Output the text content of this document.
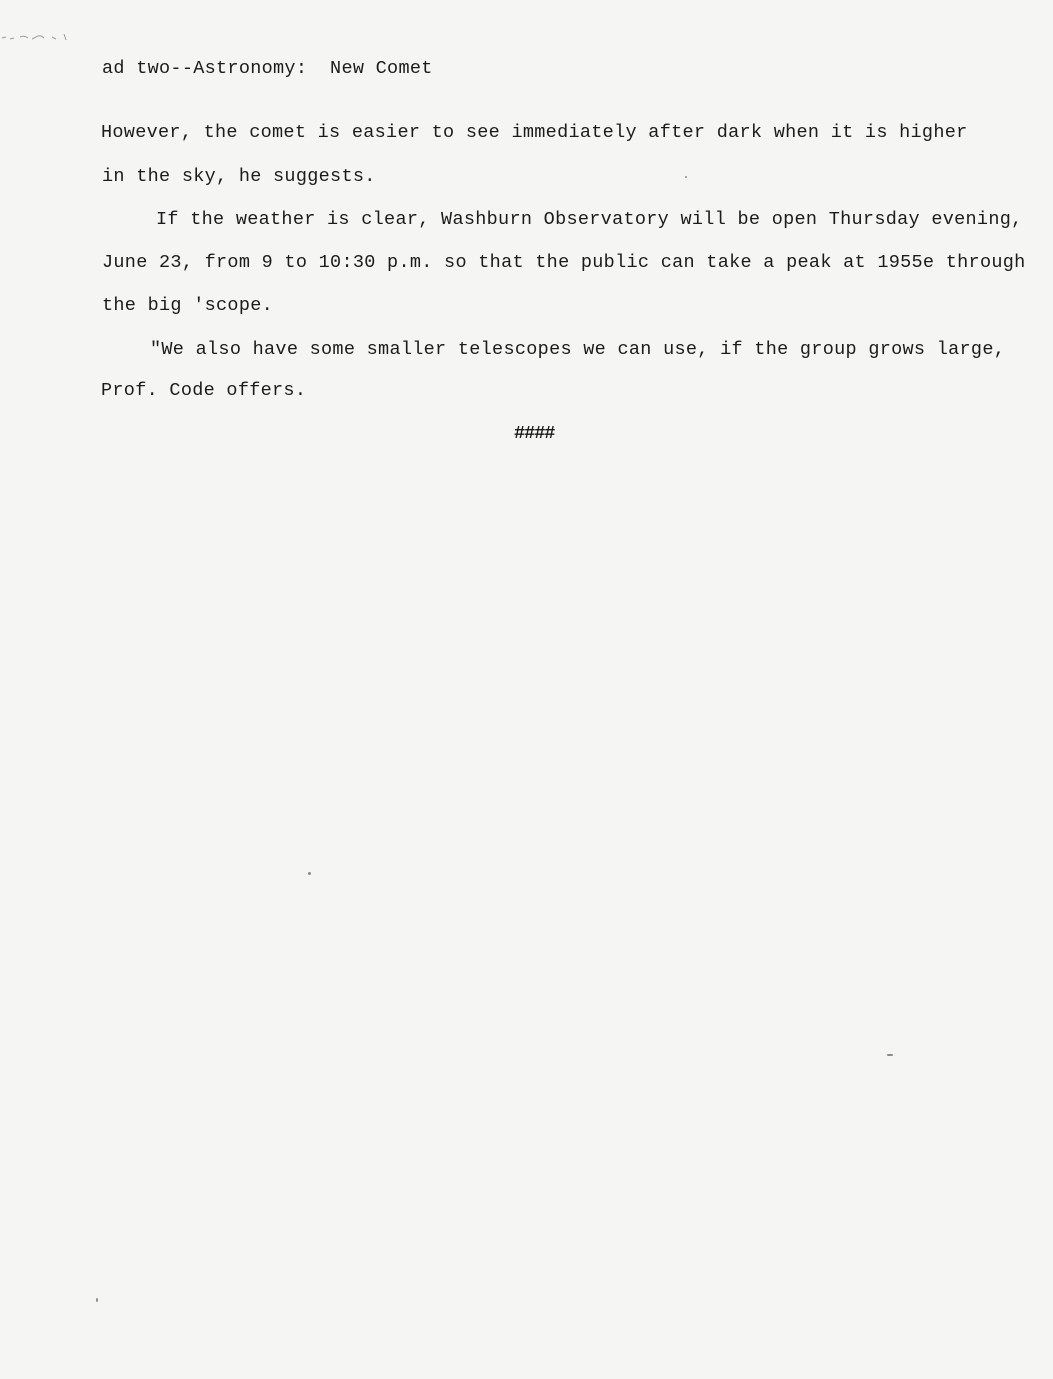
ad two--Astronomy:  New Comet

However, the comet is easier to see immediately after dark when it is higher

in the sky, he suggests.

If the weather is clear, Washburn Observatory will be open Thursday evening,

June 23, from 9 to 10:30 p.m. so that the public can take a peak at 1955e through

the big 'scope.

"We also have some smaller telescopes we can use, if the group grows large,

Prof. Code offers.

####
